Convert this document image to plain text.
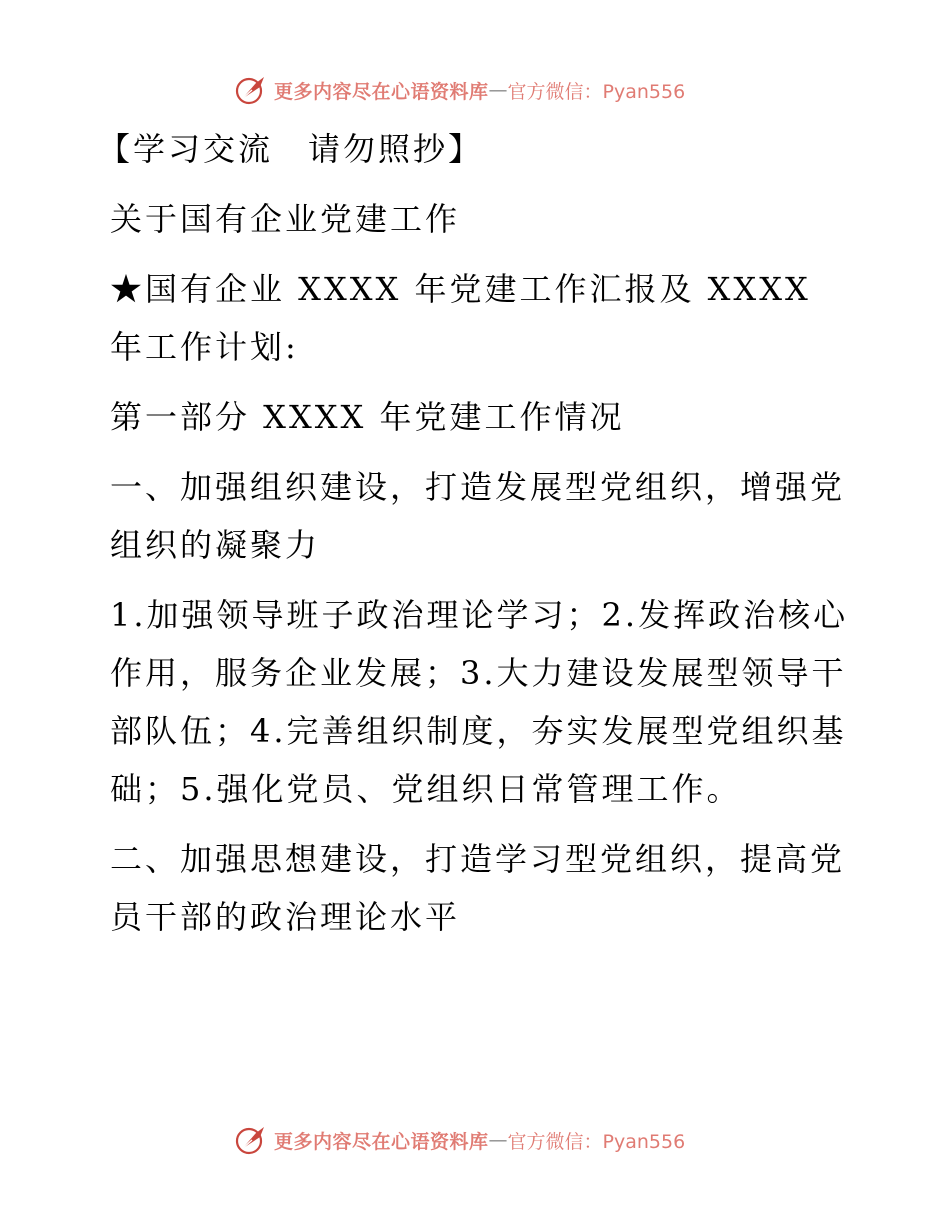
更多内容尽在心语资料库 — 官方微信：Pyan556

【学习交流　请勿照抄】

关于国有企业党建工作

★国有企业 XXXX 年党建工作汇报及 XXXX 年工作计划:

第一部分 XXXX 年党建工作情况

一、加强组织建设，打造发展型党组织，增强党组织的凝聚力

1.加强领导班子政治理论学习；2.发挥政治核心作用，服务企业发展；3.大力建设发展型领导干部队伍；4.完善组织制度，夯实发展型党组织基础；5.强化党员、党组织日常管理工作。

二、加强思想建设，打造学习型党组织，提高党员干部的政治理论水平

更多内容尽在心语资料库 — 官方微信：Pyan556
